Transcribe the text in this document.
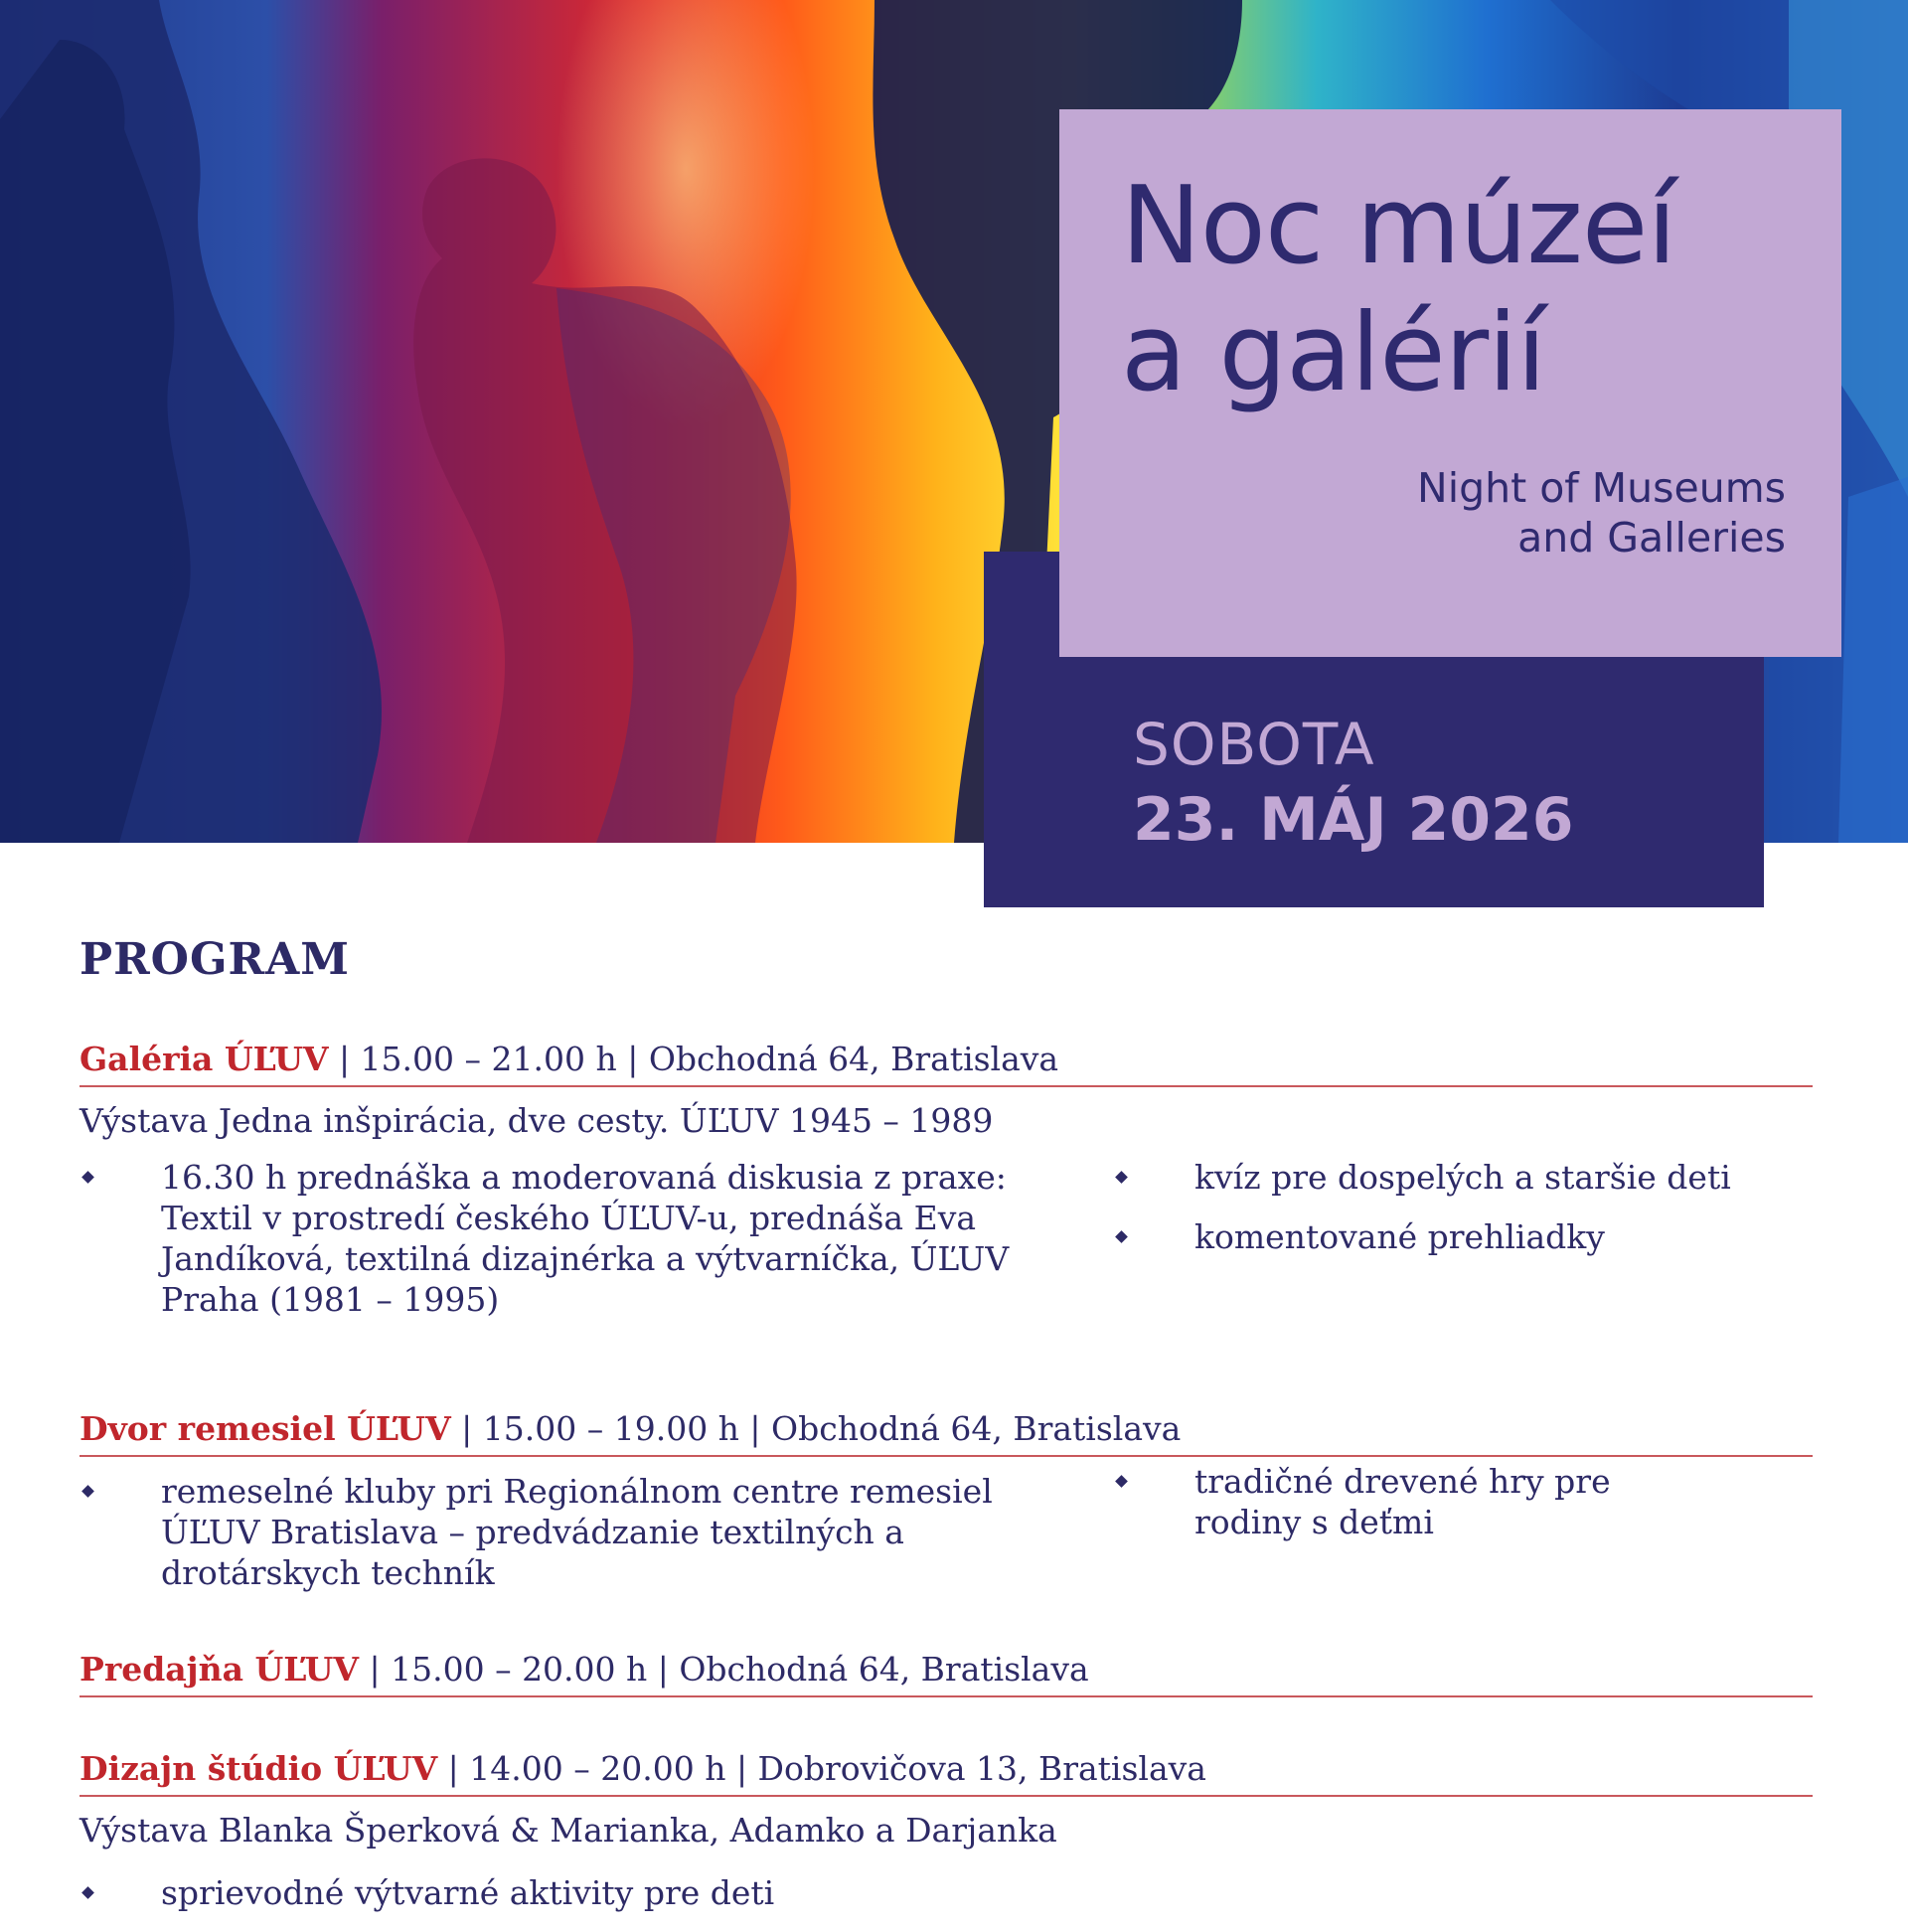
Noc múzeí
a galérií
Night of Museums
and Galleries
SOBOTA
23. MÁJ 2026
PROGRAM
Galéria ÚĽUV | 15.00 – 21.00 h | Obchodná 64, Bratislava
Výstava Jedna inšpirácia, dve cesty. ÚĽUV 1945 – 1989
16.30 h prednáška a moderovaná diskusia z praxe:
Textil v prostredí českého ÚĽUV-u, prednáša Eva Jandíková, textilná dizajnérka a výtvarníčka, ÚĽUV Praha (1981 – 1995)
kvíz pre dospelých a staršie deti
komentované prehliadky
Dvor remesiel ÚĽUV | 15.00 – 19.00 h | Obchodná 64, Bratislava
remeselné kluby pri Regionálnom centre remesiel ÚĽUV Bratislava – predvádzanie textilných a drotárskych techník
tradičné drevené hry pre rodiny s deťmi
Predajňa ÚĽUV | 15.00 – 20.00 h | Obchodná 64, Bratislava
Dizajn štúdio ÚĽUV | 14.00 – 20.00 h | Dobrovičova 13, Bratislava
Výstava Blanka Šperková & Marianka, Adamko a Darjanka
sprievodné výtvarné aktivity pre deti
